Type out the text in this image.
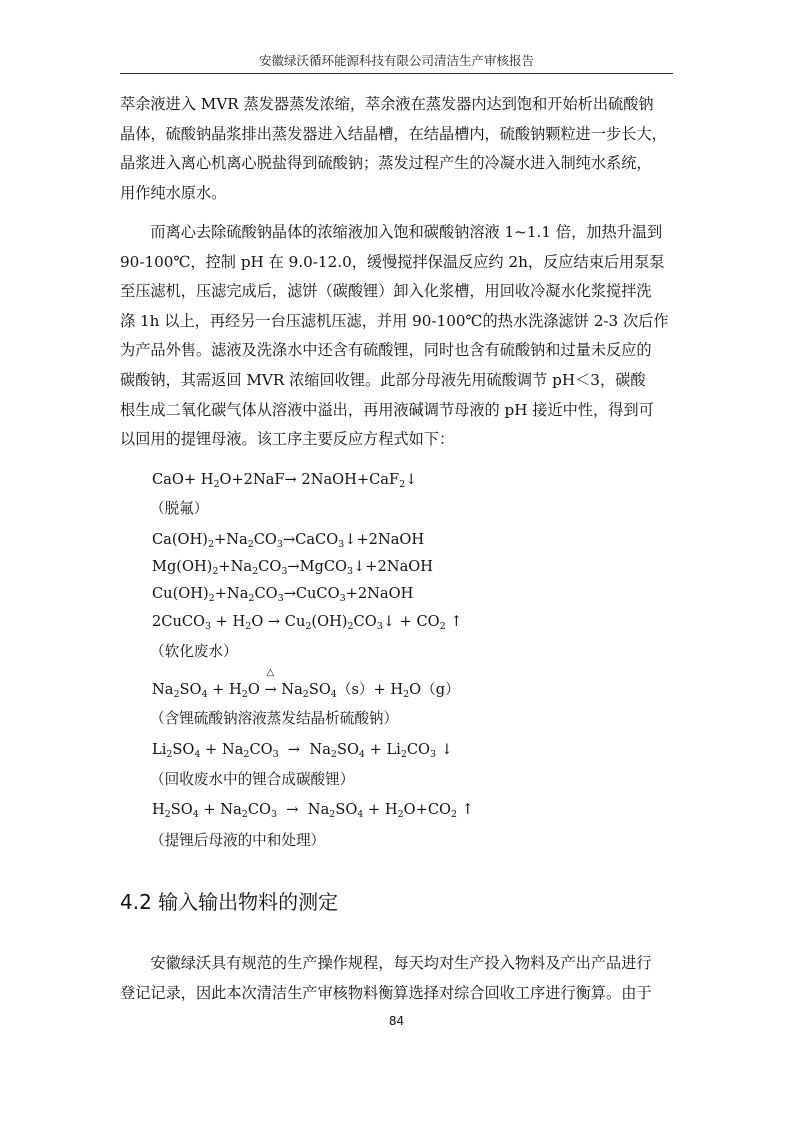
安徽绿沃循环能源科技有限公司清洁生产审核报告
萃余液进入 MVR 蒸发器蒸发浓缩，萃余液在蒸发器内达到饱和开始析出硫酸钠
晶体，硫酸钠晶浆排出蒸发器进入结晶槽，在结晶槽内，硫酸钠颗粒进一步长大，
晶浆进入离心机离心脱盐得到硫酸钠；蒸发过程产生的冷凝水进入制纯水系统，
用作纯水原水。
　　而离心去除硫酸钠晶体的浓缩液加入饱和碳酸钠溶液 1~1.1 倍，加热升温到
90-100℃，控制 pH 在 9.0-12.0，缓慢搅拌保温反应约 2h，反应结束后用泵泵
至压滤机，压滤完成后，滤饼（碳酸锂）卸入化浆槽，用回收冷凝水化浆搅拌洗
涤 1h 以上，再经另一台压滤机压滤，并用 90-100℃的热水洗涤滤饼 2-3 次后作
为产品外售。滤液及洗涤水中还含有硫酸锂，同时也含有硫酸钠和过量未反应的
碳酸钠，其需返回 MVR 浓缩回收锂。此部分母液先用硫酸调节 pH＜3，碳酸
根生成二氧化碳气体从溶液中溢出，再用液碱调节母液的 pH 接近中性，得到可
以回用的提锂母液。该工序主要反应方程式如下：
$CaO+ H_2O+2NaF\to$ 2NaOH+CaF$_2$↓
（脱氟）
$Ca(OH)_2+Na_2CO_3\to CaCO_3↓+2NaOH$
$Mg(OH)_2+Na_2CO_3\to MgCO_3↓+2NaOH$
$Cu(OH)_2+Na_2CO_3\to CuCO_3+2NaOH$
2CuCO$_3$ + $H_2O$ → $Cu_2(OH)_2CO_3↓ + CO_2$ ↑
（软化废水）
$Na_2SO_4 + H_2O$
△
→ $Na_2SO_4(s)+ H_2O(g)$
（含锂硫酸钠溶液蒸发结晶析硫酸钠）
$Li_2SO_4 + Na_2CO_3 \to Na_2SO_4 + Li_2CO_3$ ↓
（回收废水中的锂合成碳酸锂）
$H_2SO_4 + Na_2CO_3 \to Na_2SO_4 + H_2O+CO_2$ ↑
（提锂后母液的中和处理）
4.2 输入输出物料的测定
　　安徽绿沃具有规范的生产操作规程，每天均对生产投入物料及产出产品进行
登记记录，因此本次清洁生产审核物料衡算选择对综合回收工序进行衡算。由于
84
